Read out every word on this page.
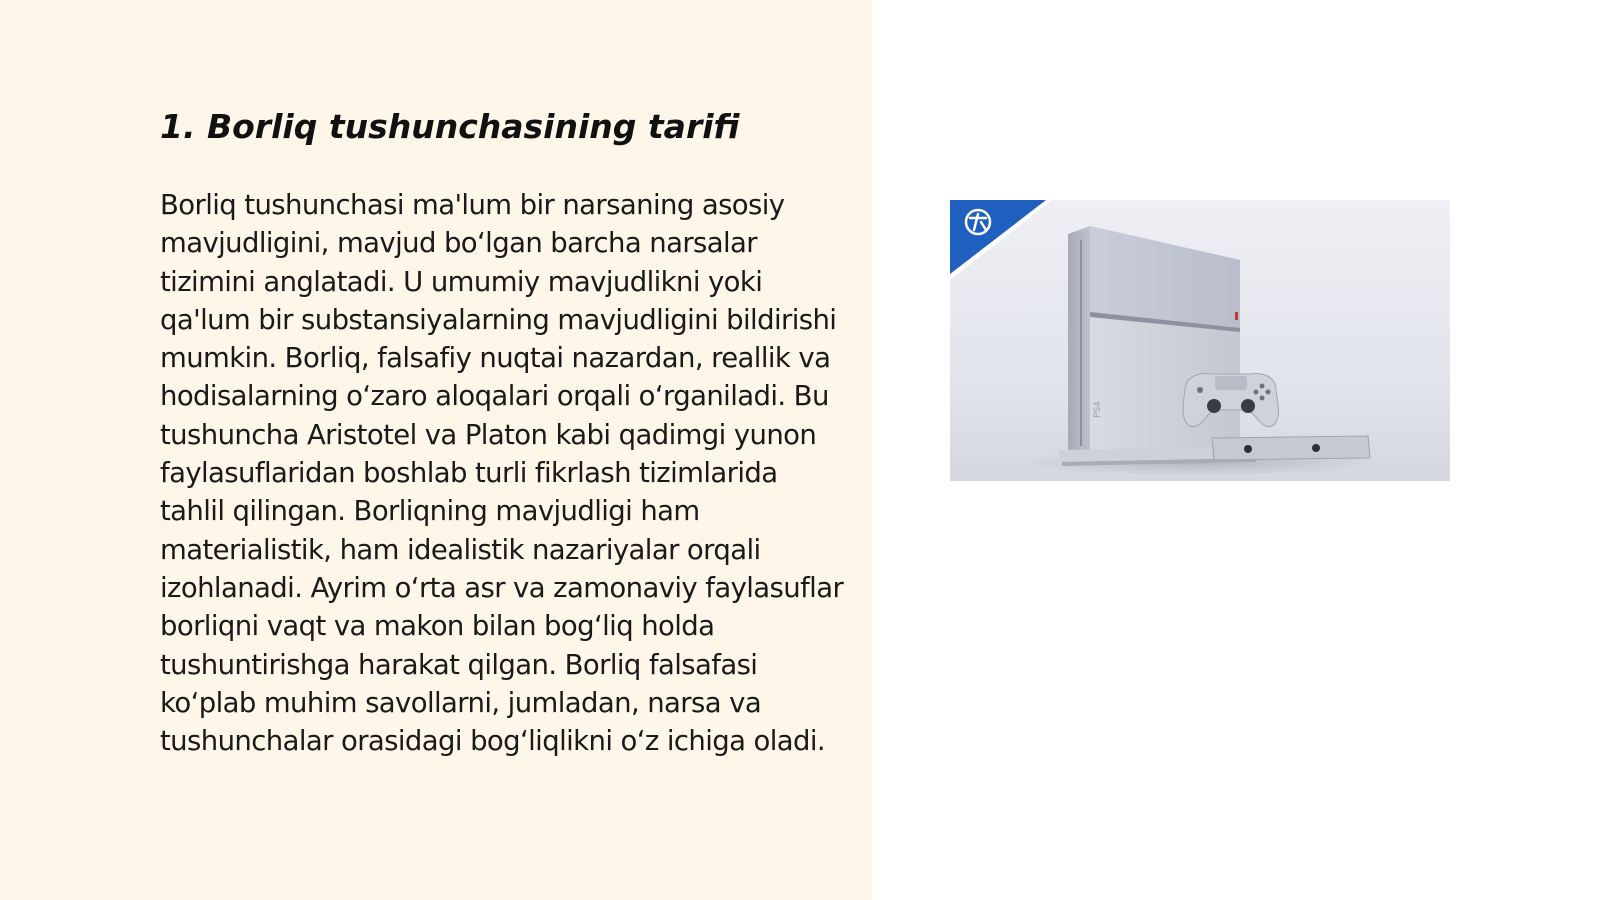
1. Borliq tushunchasining tarifi

Borliq tushunchasi ma'lum bir narsaning asosiy mavjudligini, mavjud bo‘lgan barcha narsalar tizimini anglatadi. U umumiy mavjudlikni yoki qa'lum bir substansiyalarning mavjudligini bildirishi mumkin. Borliq, falsafiy nuqtai nazardan, reallik va hodisalarning o‘zaro aloqalari orqali o‘rganiladi. Bu tushuncha Aristotel va Platon kabi qadimgi yunon faylasuflaridan boshlab turli fikrlash tizimlarida tahlil qilingan. Borliqning mavjudligi ham materialistik, ham idealistik nazariyalar orqali izohlanadi. Ayrim o‘rta asr va zamonaviy faylasuflar borliqni vaqt va makon bilan bog‘liq holda tushuntirishga harakat qilgan. Borliq falsafasi ko‘plab muhim savollarni, jumladan, narsa va tushunchalar orasidagi bog‘liqlikni o‘z ichiga oladi.

PS4
